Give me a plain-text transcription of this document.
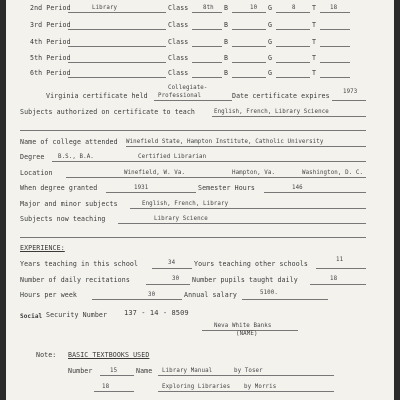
2nd Period	Library	Class	8th B	10 G	8 T 18
3rd Period	Class	B	G	T
4th Period	Class	B	G	T
5th Period	Class	B	G	T
6th Period	Class	B	G	T
Collegiate-
Virginia certificate held Professional	Date certificate expires 1973
Subjects authorized on certificate to teach	English, French, Library Science
Name of college attended Winefield State, Hampton Institute, Catholic University
Degree B.S., B.A.	Certified Librarian
Location	Winefield, W. Va.	Hampton, Va.	Washington, D. C.
When degree granted	1931	Semester Hours	146
Major and minor subjects	English, French, Library
Subjects now teaching	Library Science
EXPERIENCE:
Years teaching in this school	34	Yours teaching other schools	11
Number of daily recitations	30 Number pupils taught daily	18
Hours per week	30	Annual salary	5100.
Social Security Number 137 - 14 - 8509
Neva White Banks
(NAME)
Note: BASIC TEXTBOOKS USED
Number	15	Name Library Manual	by Toser
18	Exploring Libraries by Morris
